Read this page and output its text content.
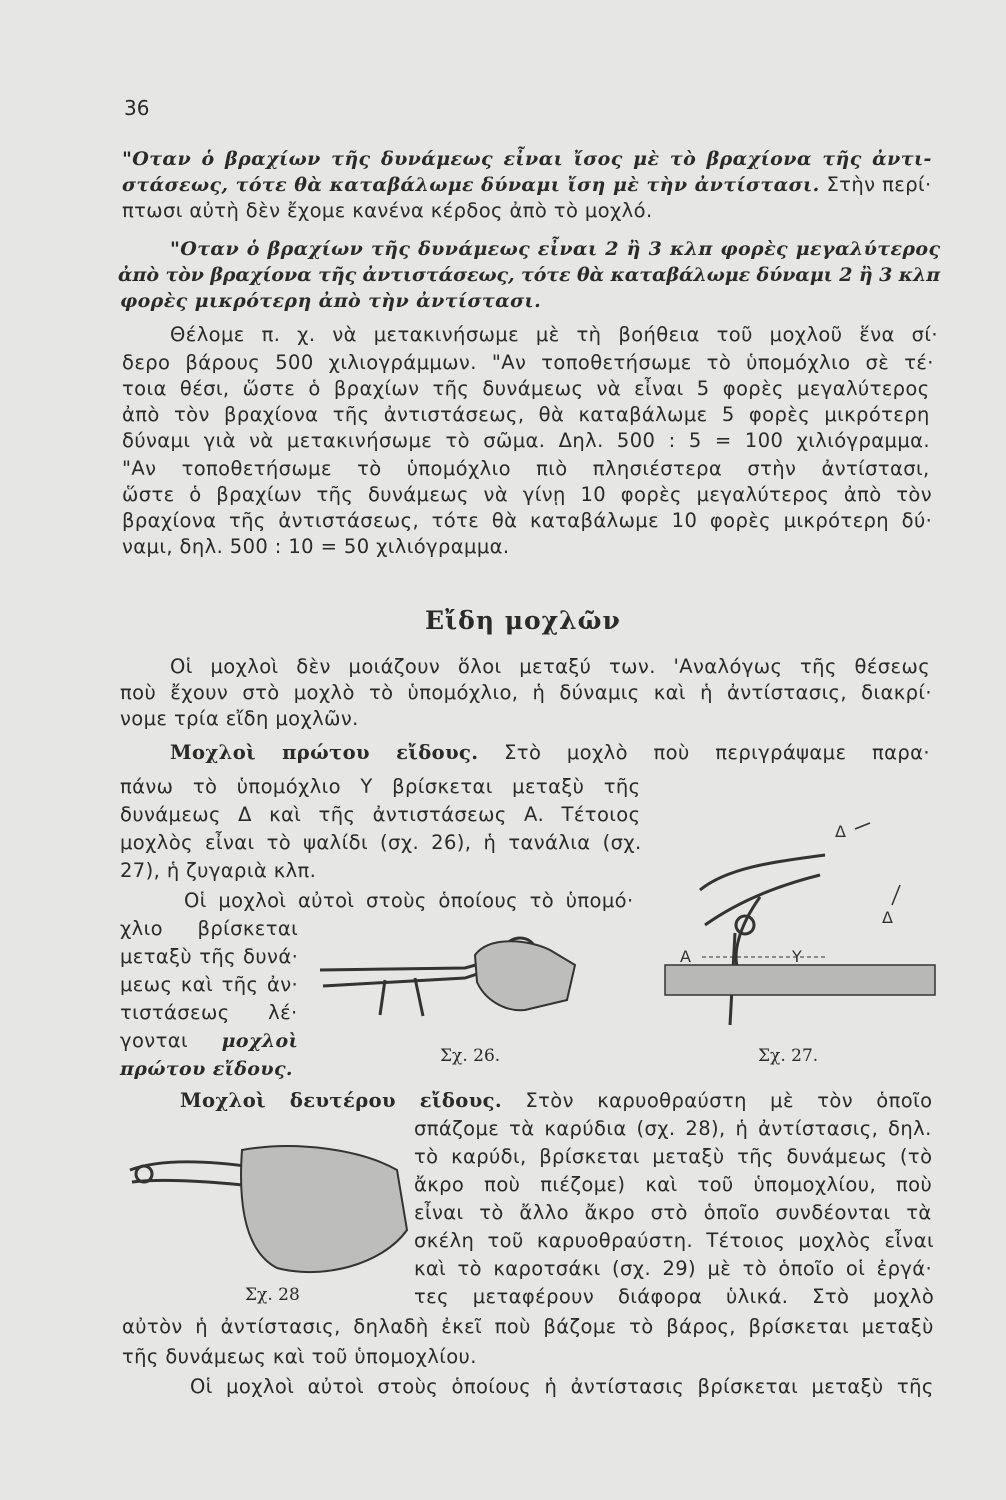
36
Εἴδη μοχλῶν
"Οταν ὁ βραχίων τῆς δυνάμεως εἶναι ἴσος μὲ τὸ βραχίονα τῆς ἀντι-
στάσεως, τότε θὰ καταβάλωμε δύναμι ἴση μὲ τὴν ἀντίστασι. Στὴν περί·
πτωσι αὐτὴ δὲν ἔχομε κανένα κέρδος ἀπὸ τὸ μοχλό.
"Οταν ὁ βραχίων τῆς δυνάμεως εἶναι 2 ἢ 3 κλπ φορὲς μεγαλύτερος
ἀπὸ τὸν βραχίονα τῆς ἀντιστάσεως, τότε θὰ καταβάλωμε δύναμι 2 ἢ 3 κλπ
φορὲς μικρότερη ἀπὸ τὴν ἀντίστασι.
Θέλομε π. χ. νὰ μετακινήσωμε μὲ τὴ βοήθεια τοῦ μοχλοῦ ἕνα σί·
δερο βάρους 500 χιλιογράμμων. "Αν τοποθετήσωμε τὸ ὑπομόχλιο σὲ τέ·
τοια θέσι, ὥστε ὁ βραχίων τῆς δυνάμεως νὰ εἶναι 5 φορὲς μεγαλύτερος
ἀπὸ τὸν βραχίονα τῆς ἀντιστάσεως, θὰ καταβάλωμε 5 φορὲς μικρότερη
δύναμι γιὰ νὰ μετακινήσωμε τὸ σῶμα. Δηλ. 500 : 5 = 100 χιλιόγραμμα.
"Αν τοποθετήσωμε τὸ ὑπομόχλιο πιὸ πλησιέστερα στὴν ἀντίστασι,
ὥστε ὁ βραχίων τῆς δυνάμεως νὰ γίνῃ 10 φορὲς μεγαλύτερος ἀπὸ τὸν
βραχίονα τῆς ἀντιστάσεως, τότε θὰ καταβάλωμε 10 φορὲς μικρότερη δύ·
ναμι, δηλ. 500 : 10 = 50 χιλιόγραμμα.
Οἱ μοχλοὶ δὲν μοιάζουν ὅλοι μεταξύ των. 'Αναλόγως τῆς θέσεως
ποὺ ἔχουν στὸ μοχλὸ τὸ ὑπομόχλιο, ἡ δύναμις καὶ ἡ ἀντίστασις, διακρί·
νομε τρία εἴδη μοχλῶν.
Μοχλοὶ πρώτου εἴδους. Στὸ μοχλὸ ποὺ περιγράψαμε παρα·
πάνω τὸ ὑπομόχλιο Υ βρίσκεται μεταξὺ τῆς
δυνάμεως Δ καὶ τῆς ἀντιστάσεως Α. Τέτοιος
μοχλὸς εἶναι τὸ ψαλίδι (σχ. 26), ἡ τανάλια (σχ.
27), ἡ ζυγαριὰ κλπ.
Οἱ μοχλοὶ αὐτοὶ στοὺς ὁποίους τὸ ὑπομό·
χλιο βρίσκεται
μεταξὺ τῆς δυνά·
μεως καὶ τῆς ἀν·
τιστάσεως λέ·
γονται μοχλοὶ
πρώτου εἴδους.
Μοχλοὶ δευτέρου εἴδους. Στὸν καρυοθραύστη μὲ τὸν ὁποῖο
σπάζομε τὰ καρύδια (σχ. 28), ἡ ἀντίστασις, δηλ.
τὸ καρύδι, βρίσκεται μεταξὺ τῆς δυνάμεως (τὸ
ἄκρο ποὺ πιέζομε) καὶ τοῦ ὑπομοχλίου, ποὺ
εἶναι τὸ ἄλλο ἄκρο στὸ ὁποῖο συνδέονται τὰ
σκέλη τοῦ καρυοθραύστη. Τέτοιος μοχλὸς εἶναι
καὶ τὸ καροτσάκι (σχ. 29) μὲ τὸ ὁποῖο οἱ ἐργά·
τες μεταφέρουν διάφορα ὑλικά. Στὸ μοχλὸ
αὐτὸν ἡ ἀντίστασις, δηλαδὴ ἐκεῖ ποὺ βάζομε τὸ βάρος, βρίσκεται μεταξὺ
τῆς δυνάμεως καὶ τοῦ ὑπομοχλίου.
Οἱ μοχλοὶ αὐτοὶ στοὺς ὁποίους ἡ ἀντίστασις βρίσκεται μεταξὺ τῆς
Σχ. 26.
Α	Υ
Δ
Δ
Σχ. 27.
Σχ. 28
